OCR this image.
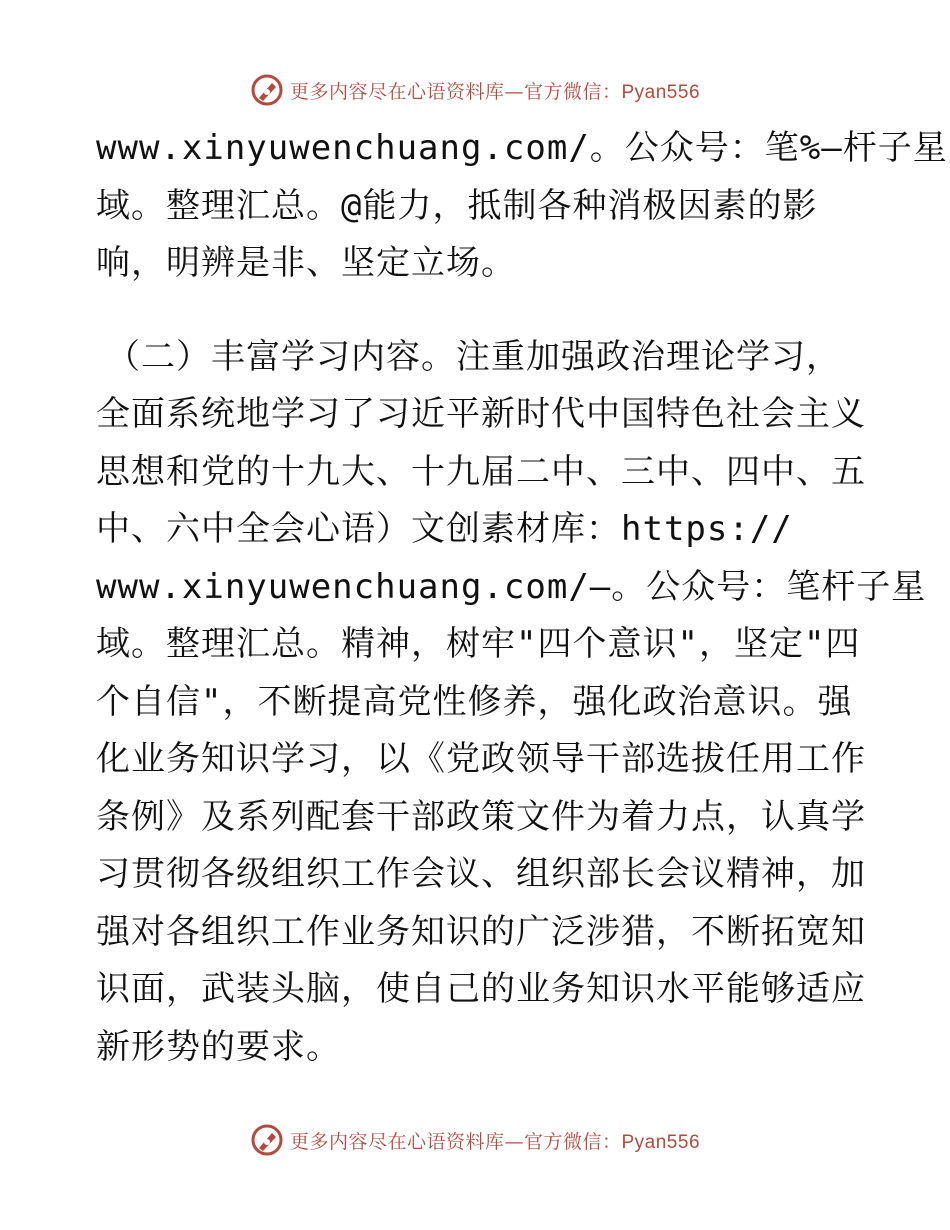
更多内容尽在心语资料库—官方微信：Pyan556
www.xinyuwenchuang.com/。公众号：笔%—杆子星
域。整理汇总。@能力，抵制各种消极因素的影
响，明辨是非、坚定立场。
（二）丰富学习内容。注重加强政治理论学习，
全面系统地学习了习近平新时代中国特色社会主义
思想和党的十九大、十九届二中、三中、四中、五
中、六中全会心语）文创素材库：https://
www.xinyuwenchuang.com/—。公众号：笔杆子星
域。整理汇总。精神，树牢"四个意识"，坚定"四
个自信"，不断提高党性修养，强化政治意识。强
化业务知识学习，以《党政领导干部选拔任用工作
条例》及系列配套干部政策文件为着力点，认真学
习贯彻各级组织工作会议、组织部长会议精神，加
强对各组织工作业务知识的广泛涉猎，不断拓宽知
识面，武装头脑，使自己的业务知识水平能够适应
新形势的要求。
更多内容尽在心语资料库—官方微信：Pyan556
